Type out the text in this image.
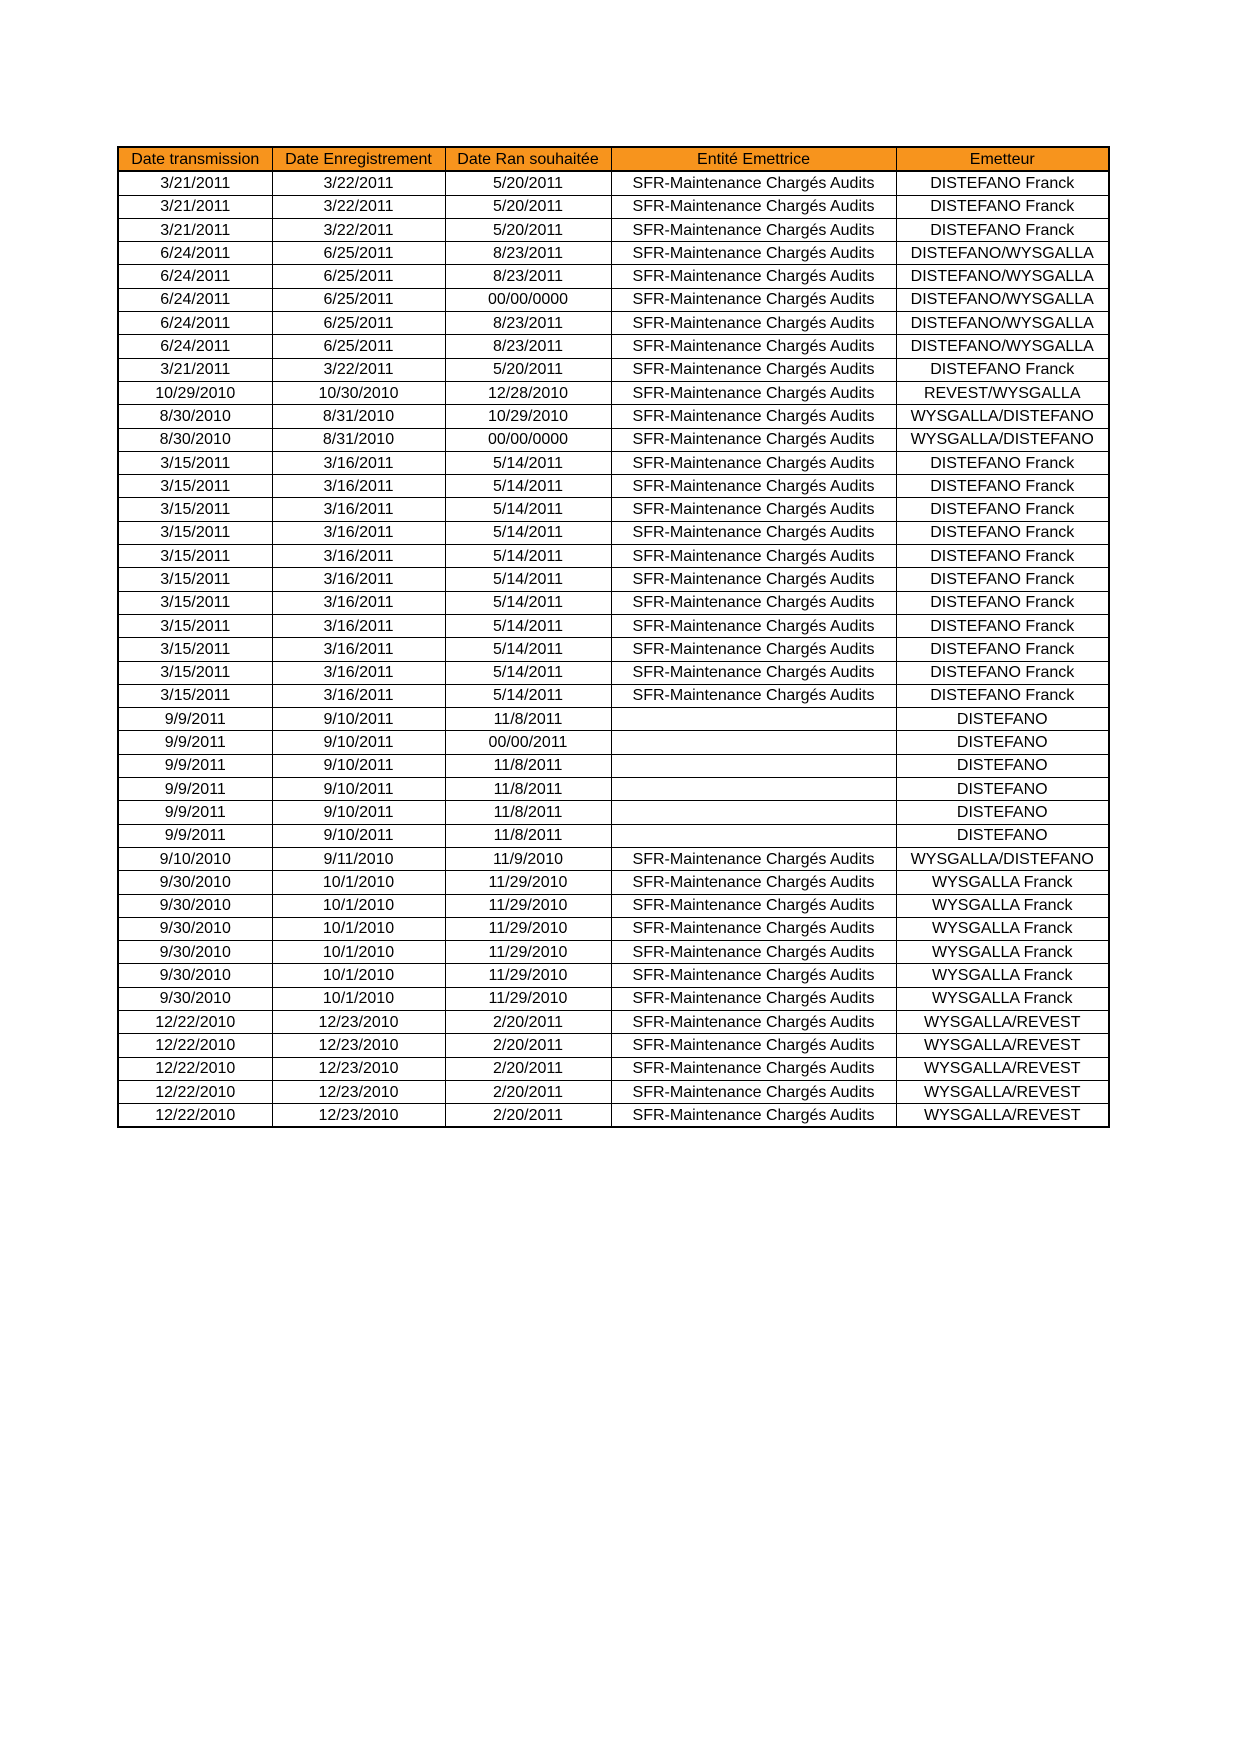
Date transmission	Date Enregistrement	Date Ran souhaitée	Entité Emettrice	Emetteur
3/21/2011	3/22/2011	5/20/2011	SFR-Maintenance Chargés Audits	DISTEFANO Franck
3/21/2011	3/22/2011	5/20/2011	SFR-Maintenance Chargés Audits	DISTEFANO Franck
3/21/2011	3/22/2011	5/20/2011	SFR-Maintenance Chargés Audits	DISTEFANO Franck
6/24/2011	6/25/2011	8/23/2011	SFR-Maintenance Chargés Audits	DISTEFANO/WYSGALLA
6/24/2011	6/25/2011	8/23/2011	SFR-Maintenance Chargés Audits	DISTEFANO/WYSGALLA
6/24/2011	6/25/2011	00/00/0000	SFR-Maintenance Chargés Audits	DISTEFANO/WYSGALLA
6/24/2011	6/25/2011	8/23/2011	SFR-Maintenance Chargés Audits	DISTEFANO/WYSGALLA
6/24/2011	6/25/2011	8/23/2011	SFR-Maintenance Chargés Audits	DISTEFANO/WYSGALLA
3/21/2011	3/22/2011	5/20/2011	SFR-Maintenance Chargés Audits	DISTEFANO Franck
10/29/2010	10/30/2010	12/28/2010	SFR-Maintenance Chargés Audits	REVEST/WYSGALLA
8/30/2010	8/31/2010	10/29/2010	SFR-Maintenance Chargés Audits	WYSGALLA/DISTEFANO
8/30/2010	8/31/2010	00/00/0000	SFR-Maintenance Chargés Audits	WYSGALLA/DISTEFANO
3/15/2011	3/16/2011	5/14/2011	SFR-Maintenance Chargés Audits	DISTEFANO Franck
3/15/2011	3/16/2011	5/14/2011	SFR-Maintenance Chargés Audits	DISTEFANO Franck
3/15/2011	3/16/2011	5/14/2011	SFR-Maintenance Chargés Audits	DISTEFANO Franck
3/15/2011	3/16/2011	5/14/2011	SFR-Maintenance Chargés Audits	DISTEFANO Franck
3/15/2011	3/16/2011	5/14/2011	SFR-Maintenance Chargés Audits	DISTEFANO Franck
3/15/2011	3/16/2011	5/14/2011	SFR-Maintenance Chargés Audits	DISTEFANO Franck
3/15/2011	3/16/2011	5/14/2011	SFR-Maintenance Chargés Audits	DISTEFANO Franck
3/15/2011	3/16/2011	5/14/2011	SFR-Maintenance Chargés Audits	DISTEFANO Franck
3/15/2011	3/16/2011	5/14/2011	SFR-Maintenance Chargés Audits	DISTEFANO Franck
3/15/2011	3/16/2011	5/14/2011	SFR-Maintenance Chargés Audits	DISTEFANO Franck
3/15/2011	3/16/2011	5/14/2011	SFR-Maintenance Chargés Audits	DISTEFANO Franck
9/9/2011	9/10/2011	11/8/2011		DISTEFANO
9/9/2011	9/10/2011	00/00/2011		DISTEFANO
9/9/2011	9/10/2011	11/8/2011		DISTEFANO
9/9/2011	9/10/2011	11/8/2011		DISTEFANO
9/9/2011	9/10/2011	11/8/2011		DISTEFANO
9/9/2011	9/10/2011	11/8/2011		DISTEFANO
9/10/2010	9/11/2010	11/9/2010	SFR-Maintenance Chargés Audits	WYSGALLA/DISTEFANO
9/30/2010	10/1/2010	11/29/2010	SFR-Maintenance Chargés Audits	WYSGALLA Franck
9/30/2010	10/1/2010	11/29/2010	SFR-Maintenance Chargés Audits	WYSGALLA Franck
9/30/2010	10/1/2010	11/29/2010	SFR-Maintenance Chargés Audits	WYSGALLA Franck
9/30/2010	10/1/2010	11/29/2010	SFR-Maintenance Chargés Audits	WYSGALLA Franck
9/30/2010	10/1/2010	11/29/2010	SFR-Maintenance Chargés Audits	WYSGALLA Franck
9/30/2010	10/1/2010	11/29/2010	SFR-Maintenance Chargés Audits	WYSGALLA Franck
12/22/2010	12/23/2010	2/20/2011	SFR-Maintenance Chargés Audits	WYSGALLA/REVEST
12/22/2010	12/23/2010	2/20/2011	SFR-Maintenance Chargés Audits	WYSGALLA/REVEST
12/22/2010	12/23/2010	2/20/2011	SFR-Maintenance Chargés Audits	WYSGALLA/REVEST
12/22/2010	12/23/2010	2/20/2011	SFR-Maintenance Chargés Audits	WYSGALLA/REVEST
12/22/2010	12/23/2010	2/20/2011	SFR-Maintenance Chargés Audits	WYSGALLA/REVEST
